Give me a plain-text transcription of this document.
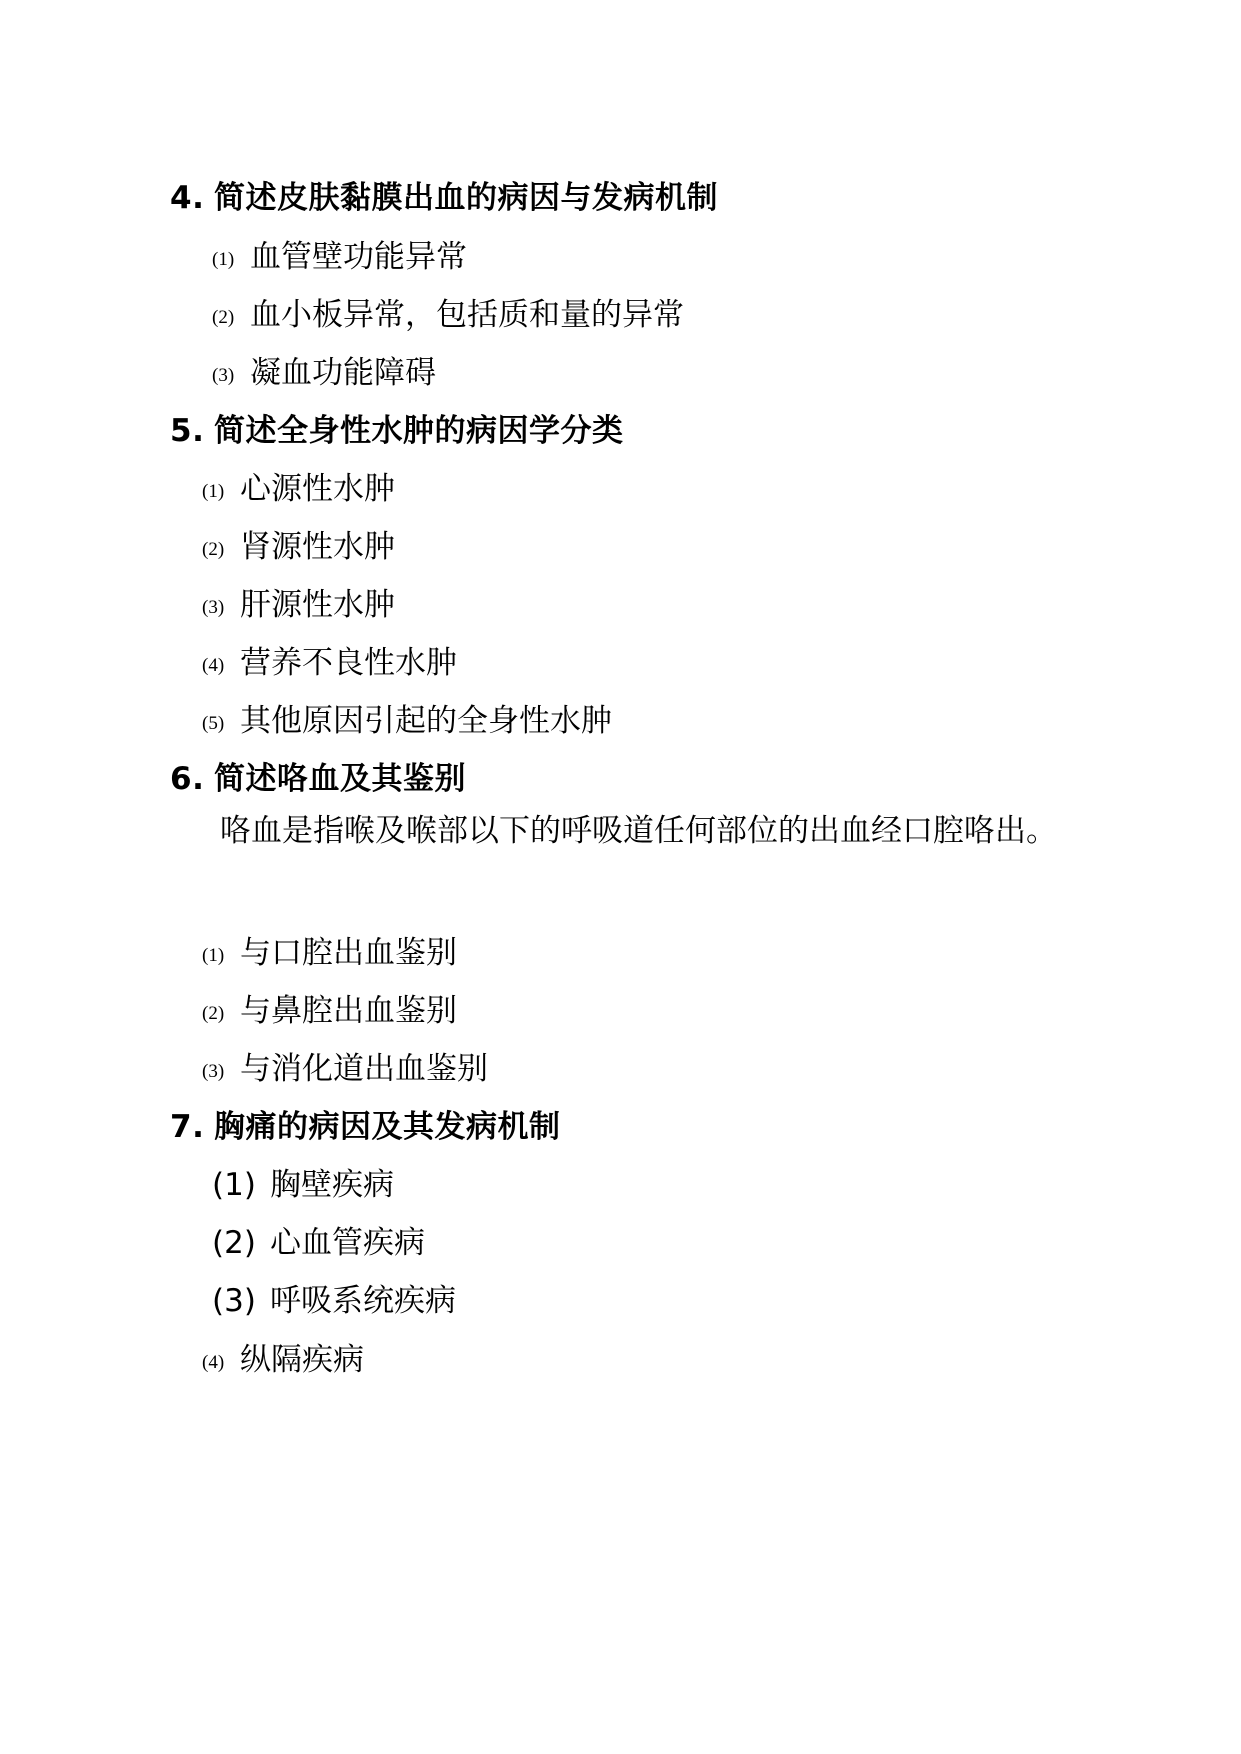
4. 简述皮肤黏膜出血的病因与发病机制

(1) 血管壁功能异常

(2) 血小板异常，包括质和量的异常

(3) 凝血功能障碍

5. 简述全身性水肿的病因学分类

(1) 心源性水肿

(2) 肾源性水肿

(3) 肝源性水肿

(4) 营养不良性水肿

(5) 其他原因引起的全身性水肿

6. 简述咯血及其鉴别

咯血是指喉及喉部以下的呼吸道任何部位的出血经口腔咯出。

(1) 与口腔出血鉴别

(2) 与鼻腔出血鉴别

(3) 与消化道出血鉴别

7. 胸痛的病因及其发病机制

(1) 胸壁疾病

(2) 心血管疾病

(3) 呼吸系统疾病

(4) 纵隔疾病
